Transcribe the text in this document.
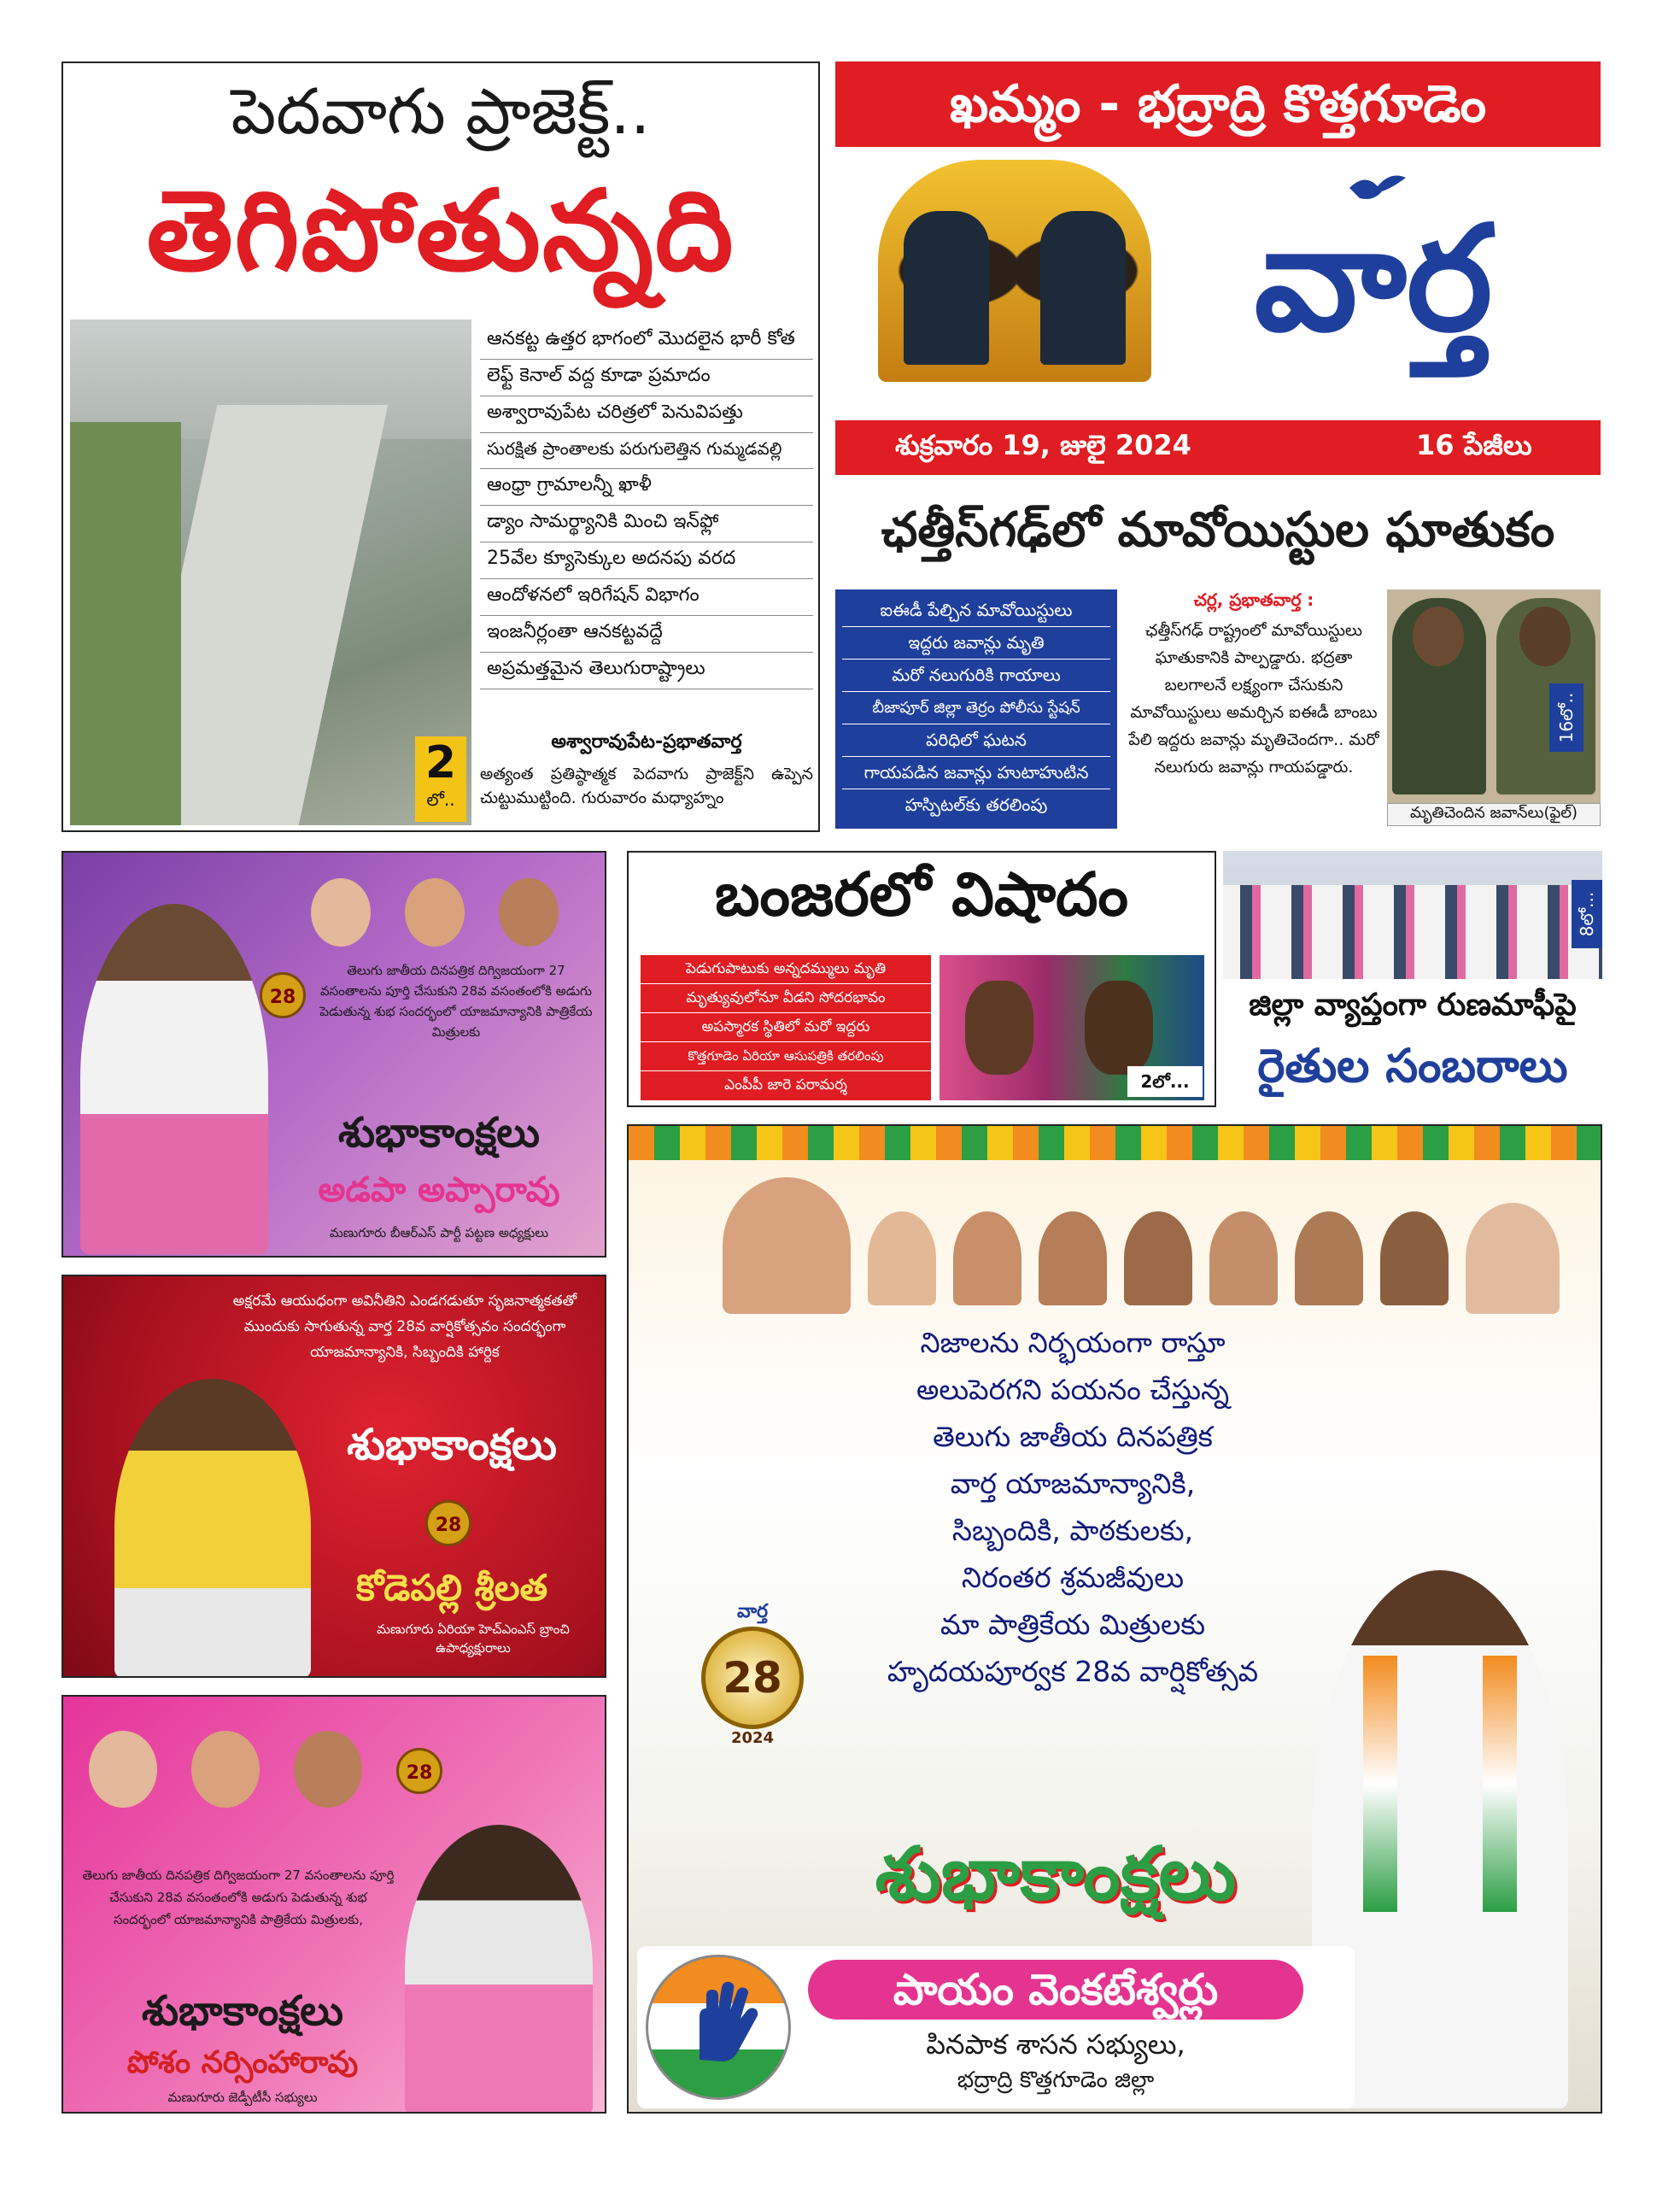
పెదవాగు ప్రాజెక్ట్..
తెగిపోతున్నది
ఆనకట్ట ఉత్తర భాగంలో మొదలైన భారీ కోత
లెఫ్ట్ కెనాల్ వద్ద కూడా ప్రమాదం
అశ్వారావుపేట చరిత్రలో పెనువిపత్తు
సురక్షిత ప్రాంతాలకు పరుగులెత్తిన గుమ్మడవల్లి
ఆంధ్రా గ్రామాలన్నీ ఖాళీ
డ్యాం సామర్థ్యానికి మించి ఇన్‌ఫ్లో
25వేల క్యూసెక్కుల అదనపు వరద
ఆందోళనలో ఇరిగేషన్ విభాగం
ఇంజనీర్లంతా ఆనకట్టవద్దే
అప్రమత్తమైన తెలుగురాష్ట్రాలు
2
లో..
అశ్వారావుపేట-ప్రభాతవార్త
అత్యంత ప్రతిష్ఠాత్మక పెదవాగు ప్రాజెక్ట్‌ని ఉప్పెన చుట్టుముట్టింది. గురువారం మధ్యాహ్నం
ఖమ్మం - భద్రాద్రి కొత్తగూడెం
వార్త
శుక్రవారం 19, జులై 2024	16 పేజీలు
ఛత్తీస్‌గఢ్‌లో మావోయిస్టుల ఘాతుకం
ఐఈడీ పేల్చిన మావోయిస్టులు
ఇద్దరు జవాన్లు మృతి
మరో నలుగురికి గాయాలు
బీజాపూర్ జిల్లా తెర్రం పోలీసు స్టేషన్
పరిధిలో ఘటన
గాయపడిన జవాన్లు హుటాహుటిన
హస్పిటల్‌కు తరలింపు
చర్ల, ప్రభాతవార్త :
ఛత్తీస్‌గఢ్ రాష్ట్రంలో మావోయిస్టులు ఘాతుకానికి పాల్పడ్డారు. భద్రతా బలగాలనే లక్ష్యంగా చేసుకుని మావోయిస్టులు అమర్చిన ఐఈడీ బాంబు పేలి ఇద్దరు జవాన్లు మృతిచెందగా.. మరో నలుగురు జవాన్లు గాయపడ్డారు.
16లో..
మృతిచెందిన జవాన్‌లు(ఫైల్)
బంజరలో విషాదం
పెడుగుపాటుకు అన్నదమ్ములు మృతి
మృత్యువులోనూ వీడని సోదరభావం
అపస్మారక స్థితిలో మరో ఇద్దరు
కొత్తగూడెం ఏరియా ఆసుపత్రికి తరలింపు
ఎంపీపీ జారె పరామర్శ	2లో...
8లో...
జిల్లా వ్యాప్తంగా రుణమాఫీపై
రైతుల సంబరాలు
28
తెలుగు జాతీయ దినపత్రిక దిగ్విజయంగా 27 వసంతాలను పూర్తి చేసుకుని 28వ వసంతంలోకి అడుగు పెడుతున్న శుభ సందర్భంలో యాజమాన్యానికి పాత్రికేయ మిత్రులకు
శుభాకాంక్షలు
అడపా అప్పారావు
మణుగూరు బీఆర్ఎస్ పార్టీ పట్టణ అధ్యక్షులు
అక్షరమే ఆయుధంగా అవినీతిని ఎండగడుతూ సృజనాత్మకతతో ముందుకు సాగుతున్న వార్త 28వ వార్షికోత్సవం సందర్భంగా యాజమాన్యానికి, సిబ్బందికి హార్దిక
శుభాకాంక్షలు
28
కోడెపల్లి శ్రీలత
మణుగూరు ఏరియా హెచ్ఎంఎస్ బ్రాంచి ఉపాధ్యక్షురాలు
28
తెలుగు జాతీయ దినపత్రిక దిగ్విజయంగా 27 వసంతాలను పూర్తి చేసుకుని 28వ వసంతంలోకి అడుగు పెడుతున్న శుభ సందర్భంలో యాజమాన్యానికి పాత్రికేయ మిత్రులకు,
శుభాకాంక్షలు
పోశం నర్సింహారావు
మణుగూరు జెడ్పీటీసీ సభ్యులు
నిజాలను నిర్భయంగా రాస్తూ
అలుపెరగని పయనం చేస్తున్న
తెలుగు జాతీయ దినపత్రిక
వార్త యాజమాన్యానికి,
సిబ్బందికి, పాఠకులకు,
నిరంతర శ్రమజీవులు
మా పాత్రికేయ మిత్రులకు
హృదయపూర్వక 28వ వార్షికోత్సవ
వార్త
28
2024
శుభాకాంక్షలు
పాయం వెంకటేశ్వర్లు
పినపాక శాసన సభ్యులు,
భద్రాద్రి కొత్తగూడెం జిల్లా
